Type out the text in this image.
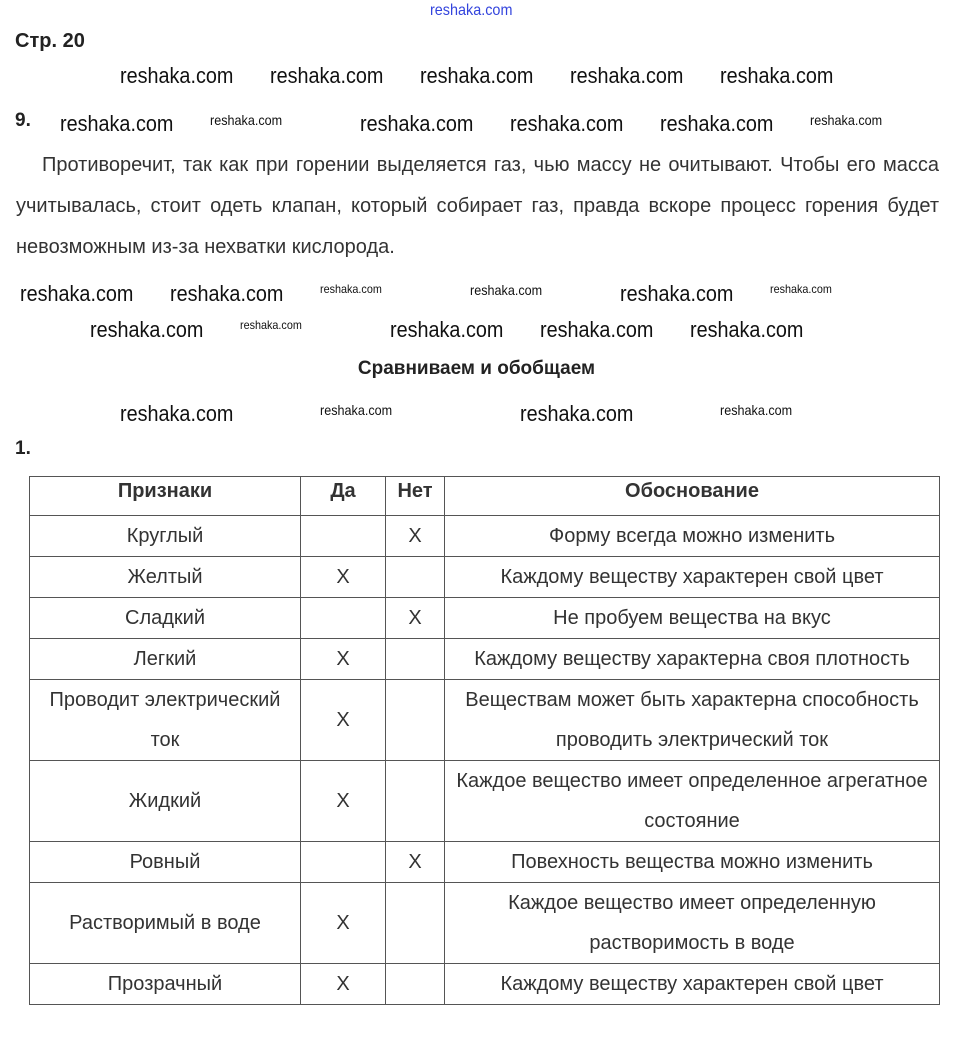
Стр. 20
9.
Противоречит, так как при горении выделяется газ, чью массу не очитывают. Чтобы его масса учитывалась, стоит одеть клапан, который собирает газ, правда вскоре процесс горения будет невозможным из-за нехватки кислорода.
Сравниваем и обобщаем
1.
Признаки	Да	Нет	Обоснование
Круглый		X	Форму всегда можно изменить
Желтый	X		Каждому веществу характерен свой цвет
Сладкий		X	Не пробуем вещества на вкус
Легкий	X		Каждому веществу характерна своя плотность
Проводит электрический ток	X		Веществам может быть характерна способность проводить электрический ток
Жидкий	X		Каждое вещество имеет определенное агрегатное состояние
Ровный		X	Повехность вещества можно изменить
Растворимый в воде	X		Каждое вещество имеет определенную растворимость в воде
Прозрачный	X		Каждому веществу характерен свой цвет
reshaka.com
reshaka.com reshaka.com reshaka.com reshaka.com reshaka.com
reshaka.com	reshaka.com	reshaka.com reshaka.com reshaka.com	reshaka.com
reshaka.com reshaka.com	reshaka.com	reshaka.com	reshaka.com	reshaka.com
reshaka.com	reshaka.com	reshaka.com reshaka.com reshaka.com
reshaka.com	reshaka.com	reshaka.com	reshaka.com
